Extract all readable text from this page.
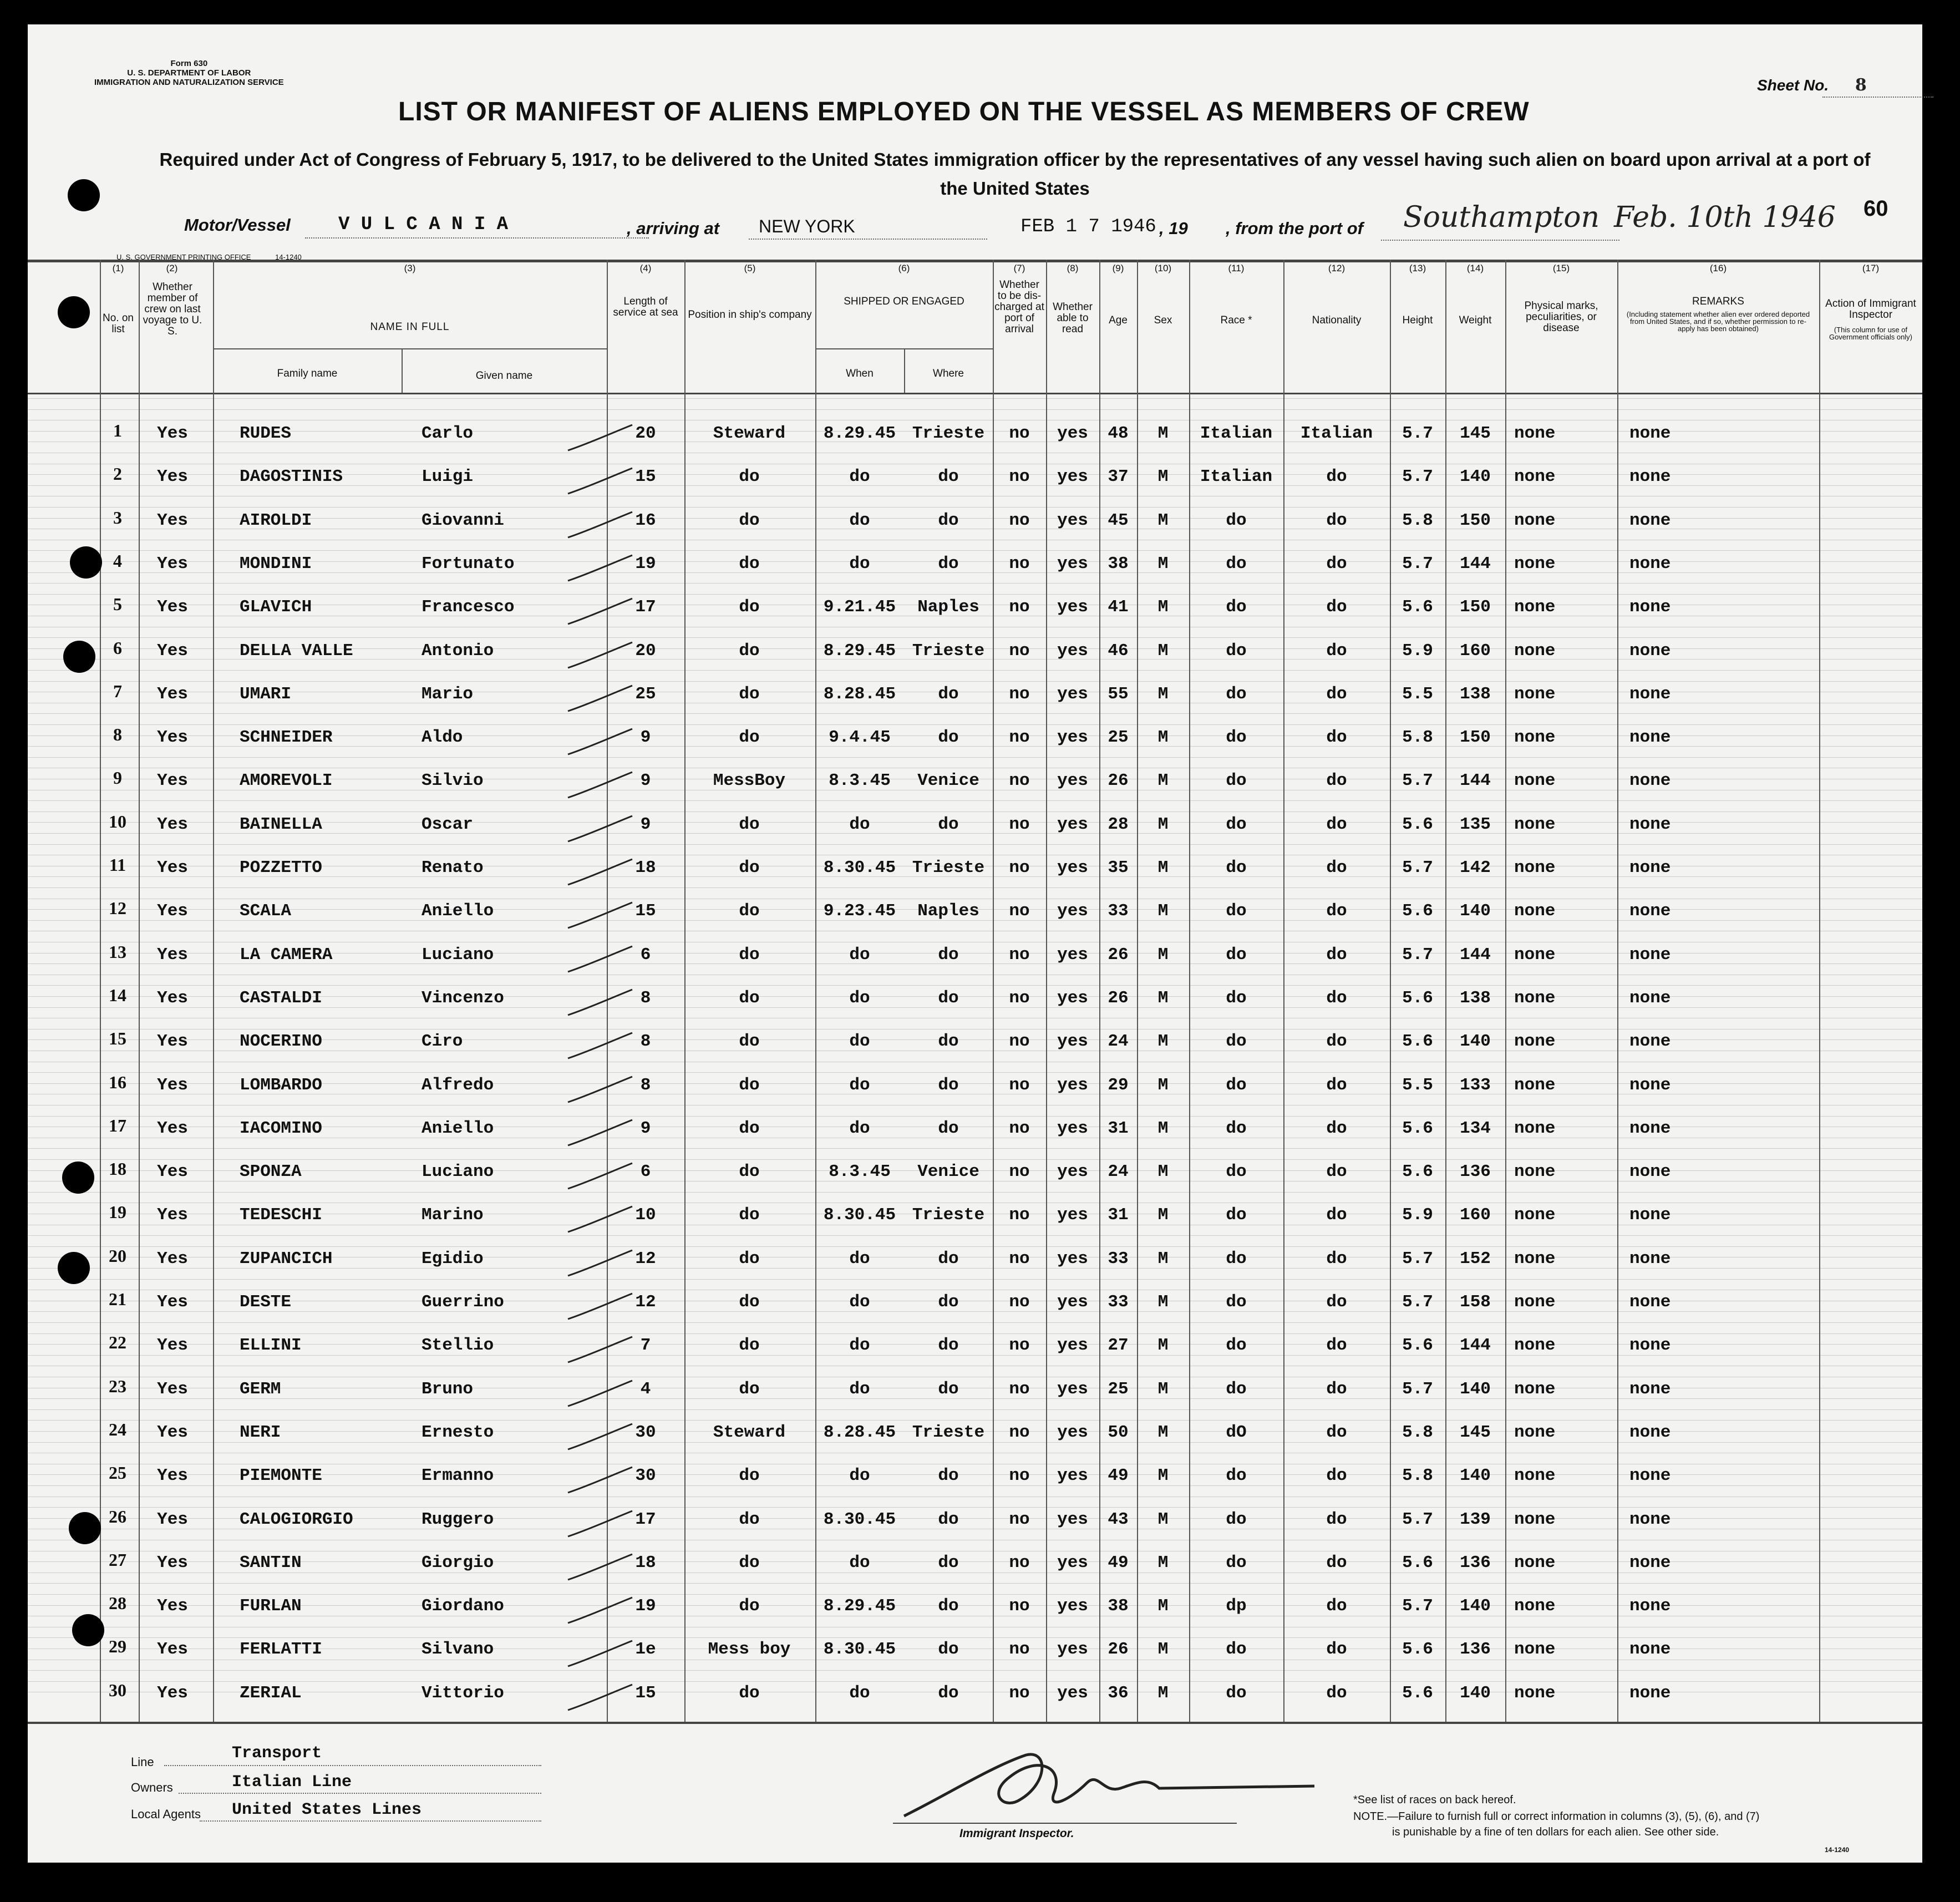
Form 630
U. S. DEPARTMENT OF LABOR
IMMIGRATION AND NATURALIZATION SERVICE	Sheet No. 8
LIST OR MANIFEST OF ALIENS EMPLOYED ON THE VESSEL AS MEMBERS OF CREW
Required under Act of Congress of February 5, 1917, to be delivered to the United States immigration officer by the representatives of any vessel having such alien on board upon arrival at a port of the United States
Motor/Vessel	V U L C A N I A	, arriving at NEW YORK	FEB 1 7 1946 , 19 , from the port of Southampton Feb. 10th 1946 60
U. S. GOVERNMENT PRINTING OFFICE	14-1240
(1)
No. on list
(2)
Whether member of crew on last voyage to U. S.
(3)
NAME IN FULL
Family name	Given name
(4)
Length of service at sea
(5)
Position in ship's company
(6)
SHIPPED OR ENGAGED
When	Where
(7)
Whether to be dis-charged at port of arrival
(8)
Whether able to read
(9)
Age
(10)
Sex
(11)
Race *
(12)
Nationality
(13)
Height
(14)
Weight
(15)
Physical marks, peculiarities, or disease
(16)
REMARKS
(Including statement whether alien ever ordered deported from United States, and if so, whether permission to re-apply has been obtained)
(17)
Action of Immigrant Inspector
(This column for use of Government officials only)
1	Yes	RUDES	Carlo	20	Steward	8.29.45 Trieste	no	yes	48	M	Italian	Italian	5.7	145	none	none
2	Yes	DAGOSTINIS	Luigi	15	do	do	do	no	yes	37	M	Italian	do	5.7	140	none	none
3	Yes	AIROLDI	Giovanni	16	do	do	do	no	yes	45	M	do	do	5.8	150	none	none
4	Yes	MONDINI	Fortunato	19	do	do	do	no	yes	38	M	do	do	5.7	144	none	none
5	Yes	GLAVICH	Francesco	17	do	9.21.45	Naples	no	yes	41	M	do	do	5.6	150	none	none
6	Yes	DELLA VALLE	Antonio	20	do	8.29.45 Trieste	no	yes	46	M	do	do	5.9	160	none	none
7	Yes	UMARI	Mario	25	do	8.28.45	do	no	yes	55	M	do	do	5.5	138	none	none
8	Yes	SCHNEIDER	Aldo	9	do	9.4.45	do	no	yes	25	M	do	do	5.8	150	none	none
9	Yes	AMOREVOLI	Silvio	9	MessBoy	8.3.45	Venice	no	yes	26	M	do	do	5.7	144	none	none
10	Yes	BAINELLA	Oscar	9	do	do	do	no	yes	28	M	do	do	5.6	135	none	none
11	Yes	POZZETTO	Renato	18	do	8.30.45 Trieste	no	yes	35	M	do	do	5.7	142	none	none
12	Yes	SCALA	Aniello	15	do	9.23.45	Naples	no	yes	33	M	do	do	5.6	140	none	none
13	Yes	LA CAMERA	Luciano	6	do	do	do	no	yes	26	M	do	do	5.7	144	none	none
14	Yes	CASTALDI	Vincenzo	8	do	do	do	no	yes	26	M	do	do	5.6	138	none	none
15	Yes	NOCERINO	Ciro	8	do	do	do	no	yes	24	M	do	do	5.6	140	none	none
16	Yes	LOMBARDO	Alfredo	8	do	do	do	no	yes	29	M	do	do	5.5	133	none	none
17	Yes	IACOMINO	Aniello	9	do	do	do	no	yes	31	M	do	do	5.6	134	none	none
18	Yes	SPONZA	Luciano	6	do	8.3.45	Venice	no	yes	24	M	do	do	5.6	136	none	none
19	Yes	TEDESCHI	Marino	10	do	8.30.45 Trieste	no	yes	31	M	do	do	5.9	160	none	none
20	Yes	ZUPANCICH	Egidio	12	do	do	do	no	yes	33	M	do	do	5.7	152	none	none
21	Yes	DESTE	Guerrino	12	do	do	do	no	yes	33	M	do	do	5.7	158	none	none
22	Yes	ELLINI	Stellio	7	do	do	do	no	yes	27	M	do	do	5.6	144	none	none
23	Yes	GERM	Bruno	4	do	do	do	no	yes	25	M	do	do	5.7	140	none	none
24	Yes	NERI	Ernesto	30	Steward	8.28.45 Trieste	no	yes	50	M	dO	do	5.8	145	none	none
25	Yes	PIEMONTE	Ermanno	30	do	do	do	no	yes	49	M	do	do	5.8	140	none	none
26	Yes	CALOGIORGIO	Ruggero	17	do	8.30.45	do	no	yes	43	M	do	do	5.7	139	none	none
27	Yes	SANTIN	Giorgio	18	do	do	do	no	yes	49	M	do	do	5.6	136	none	none
28	Yes	FURLAN	Giordano	19	do	8.29.45	do	no	yes	38	M	dp	do	5.7	140	none	none
29	Yes	FERLATTI	Silvano	1e	Mess boy	8.30.45	do	no	yes	26	M	do	do	5.6	136	none	none
30	Yes	ZERIAL	Vittorio	15	do	do	do	no	yes	36	M	do	do	5.6	140	none	none
Line	Transport
Owners	Italian Line
Local Agents United States Lines
Immigrant Inspector.
*See list of races on back hereof.
NOTE.—Failure to furnish full or correct information in columns (3), (5), (6), and (7)
is punishable by a fine of ten dollars for each alien. See other side.
14-1240
